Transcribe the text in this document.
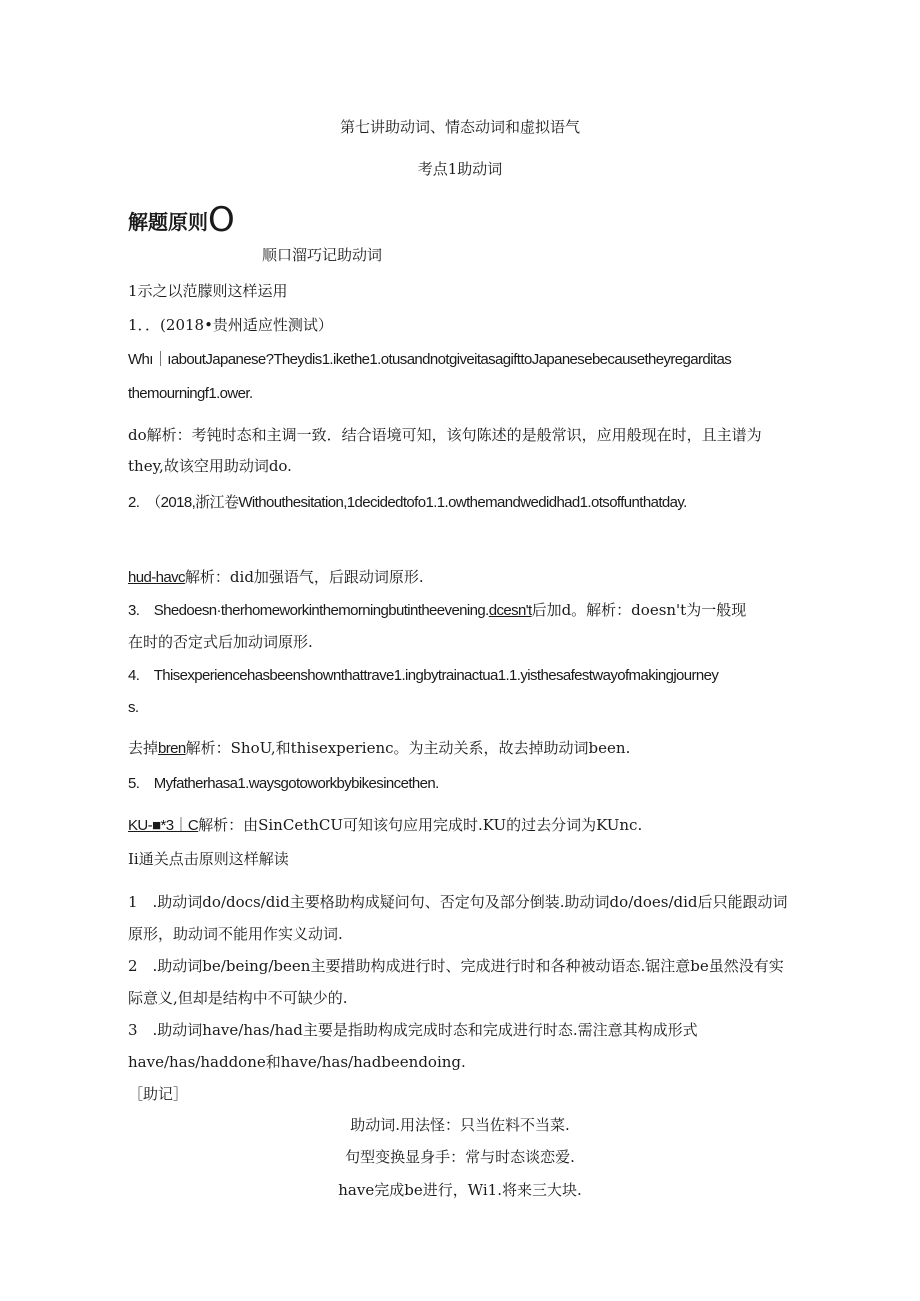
第七讲助动词、情态动词和虚拟语气
考点1助动词
解题原则O
顺口溜巧记助动词
1示之以范朦则这样运用
1．．(2018•贵州适应性测试）
Whı｜ıaboutJapanese?Theydis1.ikethe1.otusandnotgiveitasagifttoJapanesebecausetheyregarditas
themourningf1.ower.
do解析：考钝时态和主调一致．结合语境可知，该句陈述的是般常识，应用般现在时，且主谱为
they,故该空用助动词do.
2.　（2018,浙江卷Withouthesitation,1decidedtofo1.1.owthemandwedidhad1.otsoffunthatday.
hud-havc解析：did加强语气，后跟动词原形.
3.　Shedoesn·therhomeworkinthemorningbutintheevening.dcesn't后加d。解析：doesn't为一般现
在时的否定式后加动词原形.
4.　Thisexperiencehasbeenshownthattrave1.ingbytrainactua1.1.yisthesafestwayofmakingjourney
s.
去掉bren解析：ShoU,和thisexperienc。为主动关系，故去掉助动词been.
5.　Myfatherhasa1.waysgotoworkbybikesincethen.
KU-■*3｜C解析：由SinCethCU可知该句应用完成时.KU的过去分词为KUnc.
Ii通关点击原则这样解读
1　.助动词do/docs/did主要格助构成疑问句、否定句及部分倒装.助动词do/does/did后只能跟动词
原形，助动词不能用作实义动词.
2　.助动词be/being/been主要措助构成进行时、完成进行时和各种被动语态.锯注意be虽然没有实
际意义,但却是结构中不可缺少的.
3　.助动词have/has/had主要是指助构成完成时态和完成进行时态.需注意其构成形式
have/has/haddone和have/has/hadbeendoing.
［助记］
助动词.用法怪：只当佐料不当菜.
句型变换显身手：常与时态谈恋爱.
have完成be进行，Wi1.将来三大块.
